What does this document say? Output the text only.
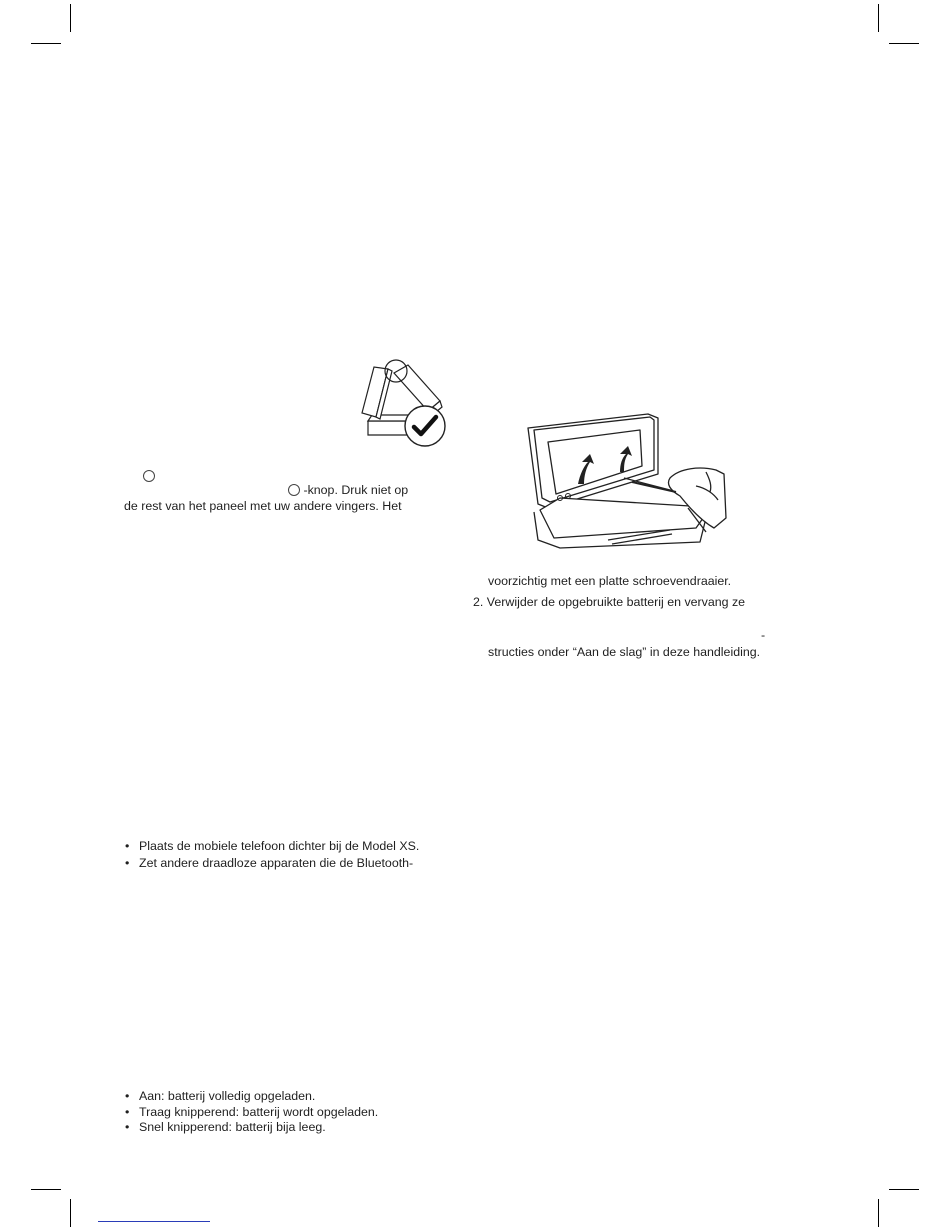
-knop. Druk niet op
de rest van het paneel met uw andere vingers. Het
• Plaats de mobiele telefoon dichter bij de Model XS.
• Zet andere draadloze apparaten die de Bluetooth-
• Aan: batterij volledig opgeladen.
• Traag knipperend: batterij wordt opgeladen.
• Snel knipperend: batterij bija leeg.
voorzichtig met een platte schroevendraaier.
2. Verwijder de opgebruikte batterij en vervang ze
-
structies onder “Aan de slag” in deze handleiding.
